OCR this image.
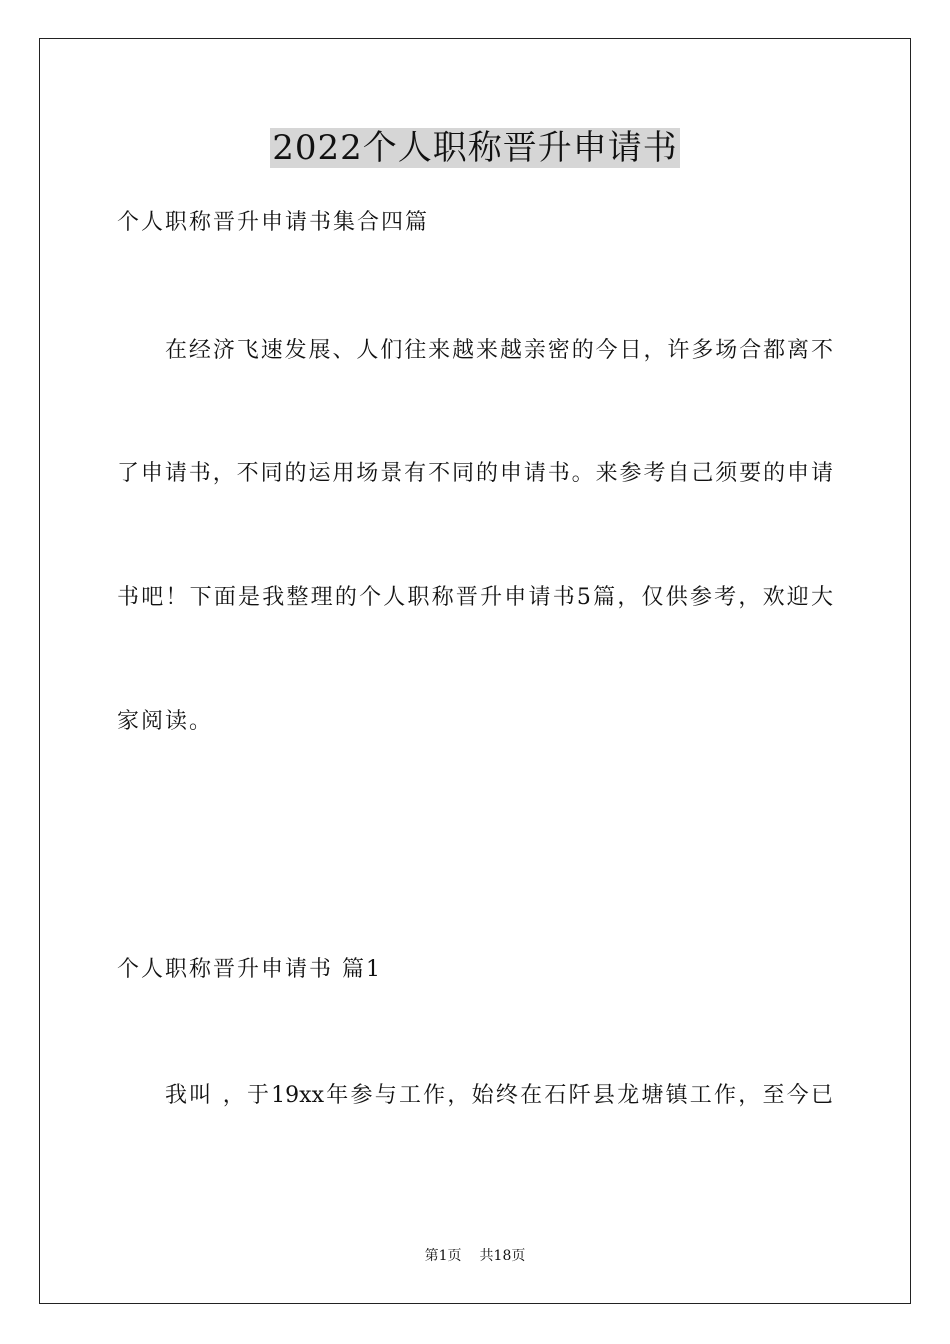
2022个人职称晋升申请书
个人职称晋升申请书集合四篇
在经济飞速发展、人们往来越来越亲密的今日，许多场合都离不
了申请书，不同的运用场景有不同的申请书。来参考自己须要的申请
书吧！下面是我整理的个人职称晋升申请书5篇，仅供参考，欢迎大
家阅读。
个人职称晋升申请书 篇1
我叫 ，于19xx年参与工作，始终在石阡县龙塘镇工作，至今已
第1页 共18页
